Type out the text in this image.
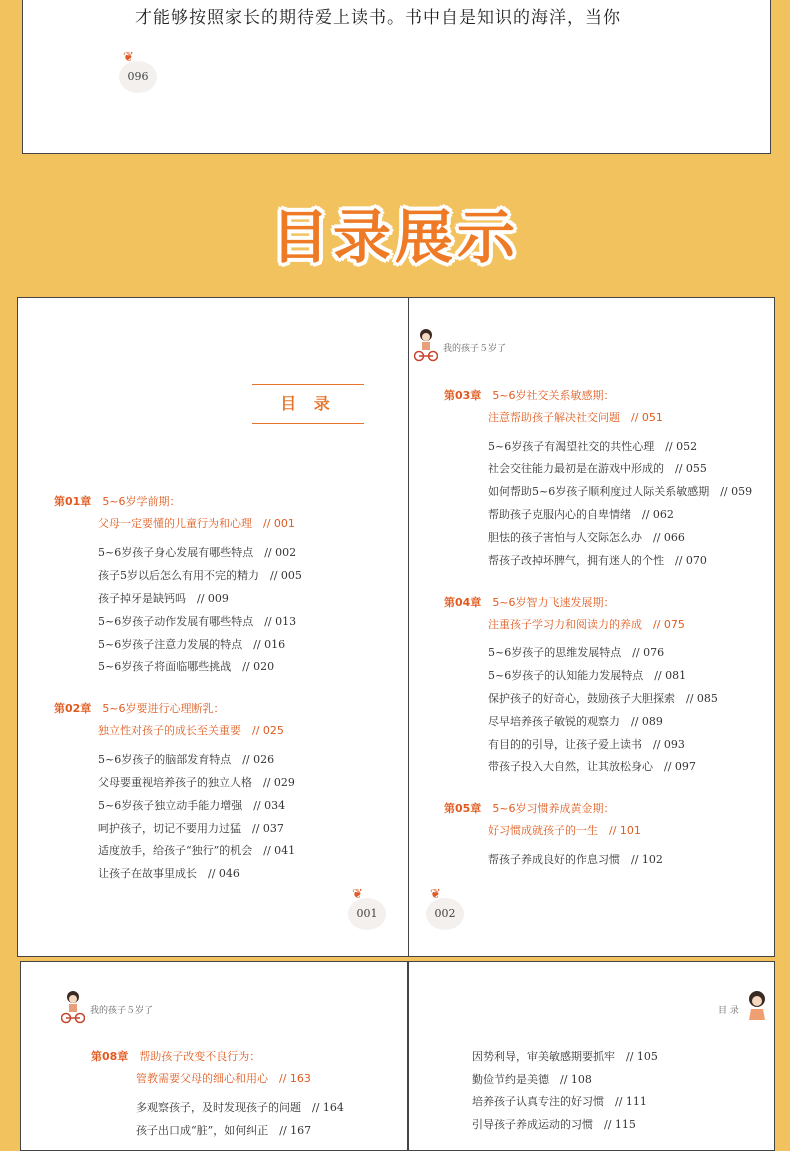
才能够按照家长的期待爱上读书。书中自是知识的海洋，当你
❦
096
目录展示
目 录
第01章　 5~6岁学前期：
父母一定要懂的儿童行为和心理　// 001
5~6岁孩子身心发展有哪些特点　// 002
孩子5岁以后怎么有用不完的精力　// 005
孩子掉牙是缺钙吗　// 009
5~6岁孩子动作发展有哪些特点　// 013
5~6岁孩子注意力发展的特点　// 016
5~6岁孩子将面临哪些挑战　// 020
第02章　 5~6岁要进行心理断乳：
独立性对孩子的成长至关重要　// 025
5~6岁孩子的脑部发育特点　// 026
父母要重视培养孩子的独立人格　// 029
5~6岁孩子独立动手能力增强　// 034
呵护孩子，切记不要用力过猛　// 037
适度放手，给孩子“独行”的机会　// 041
让孩子在故事里成长　// 046
❦
001
我的孩子５岁了
第03章　 5~6岁社交关系敏感期：
注意帮助孩子解决社交问题　// 051
5~6岁孩子有渴望社交的共性心理　// 052
社会交往能力最初是在游戏中形成的　// 055
如何帮助5~6岁孩子顺利度过人际关系敏感期　// 059
帮助孩子克服内心的自卑情绪　// 062
胆怯的孩子害怕与人交际怎么办　// 066
帮孩子改掉坏脾气，拥有迷人的个性　// 070
第04章　 5~6岁智力飞速发展期：
注重孩子学习力和阅读力的养成　// 075
5~6岁孩子的思维发展特点　// 076
5~6岁孩子的认知能力发展特点　// 081
保护孩子的好奇心，鼓励孩子大胆探索　// 085
尽早培养孩子敏锐的观察力　// 089
有目的的引导，让孩子爱上读书　// 093
带孩子投入大自然，让其放松身心　// 097
第05章　 5~6岁习惯养成黄金期：
好习惯成就孩子的一生　// 101
帮孩子养成良好的作息习惯　// 102
❦
002
我的孩子５岁了
第08章　 帮助孩子改变不良行为：
管教需要父母的细心和用心　// 163
多观察孩子，及时发现孩子的问题　// 164
孩子出口成“脏”，如何纠正　// 167
目 录
因势利导，审美敏感期要抓牢　// 105
勤俭节约是美德　// 108
培养孩子认真专注的好习惯　// 111
引导孩子养成运动的习惯　// 115
